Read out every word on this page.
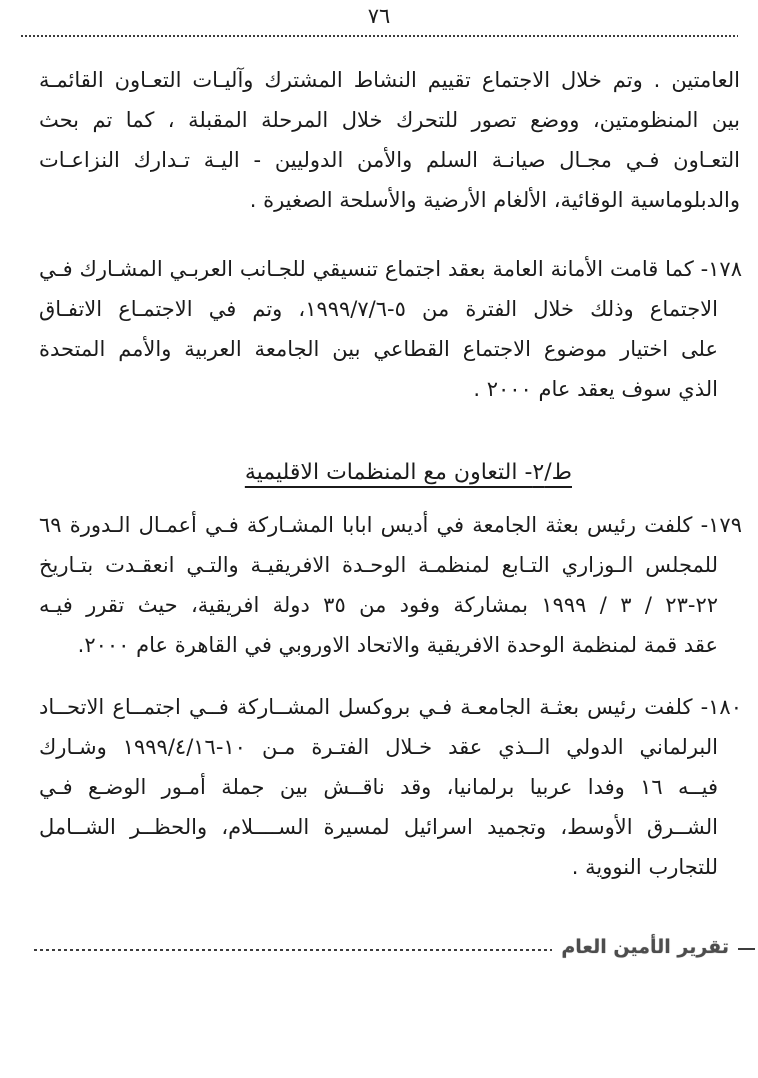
٧٦
العامتين . وتم خلال الاجتماع تقييم النشاط المشترك وآليـات التعـاون القائمـة
بين المنظومتين، ووضع تصور للتحرك خلال المرحلة المقبلة ، كما تم بحث
التعـاون فـي مجـال صيانـة السلم والأمن الدوليين - اليـة تـدارك النزاعـات
والدبلوماسية الوقائية، الألغام الأرضية والأسلحة الصغيرة .
١٧٨- كما قامت الأمانة العامة بعقد اجتماع تنسيقي للجـانب العربـي المشـارك فـي
الاجتماع وذلك خلال الفترة من ٥-١٩٩٩/٧/٦، وتم في الاجتمـاع الاتفـاق
على اختيار موضوع الاجتماع القطاعي بين الجامعة العربية والأمم المتحدة
الذي سوف يعقد عام ٢٠٠٠ .
ط/٢- التعاون مع المنظمات الاقليمية
١٧٩- كلفت رئيس بعثة الجامعة في أديس ابابا المشـاركة فـي أعمـال الـدورة ٦٩
للمجلس الـوزاري التـابع لمنظمـة الوحـدة الافريقيـة والتـي انعقـدت بتـاريخ
٢٢-٢٣ / ٣ / ١٩٩٩ بمشاركة وفود من ٣٥ دولة افريقية، حيث تقرر فيـه
عقد قمة لمنظمة الوحدة الافريقية والاتحاد الاوروبي في القاهرة عام ٢٠٠٠.
١٨٠- كلفت رئيس بعثـة الجامعـة فـي بروكسل المشــاركة فــي اجتمــاع الاتحــاد
البرلماني الدولي الــذي عقد خـلال الفتـرة مـن ١٠-١٩٩٩/٤/١٦ وشـارك
فيــه ١٦ وفدا عربيا برلمانيا، وقد ناقــش بين جملة أمـور الوضـع فـي
الشــرق الأوسط، وتجميد اسرائيل لمسيرة الســــلام، والحظــر الشــامل
للتجارب النووية .
تقرير الأمين العام
